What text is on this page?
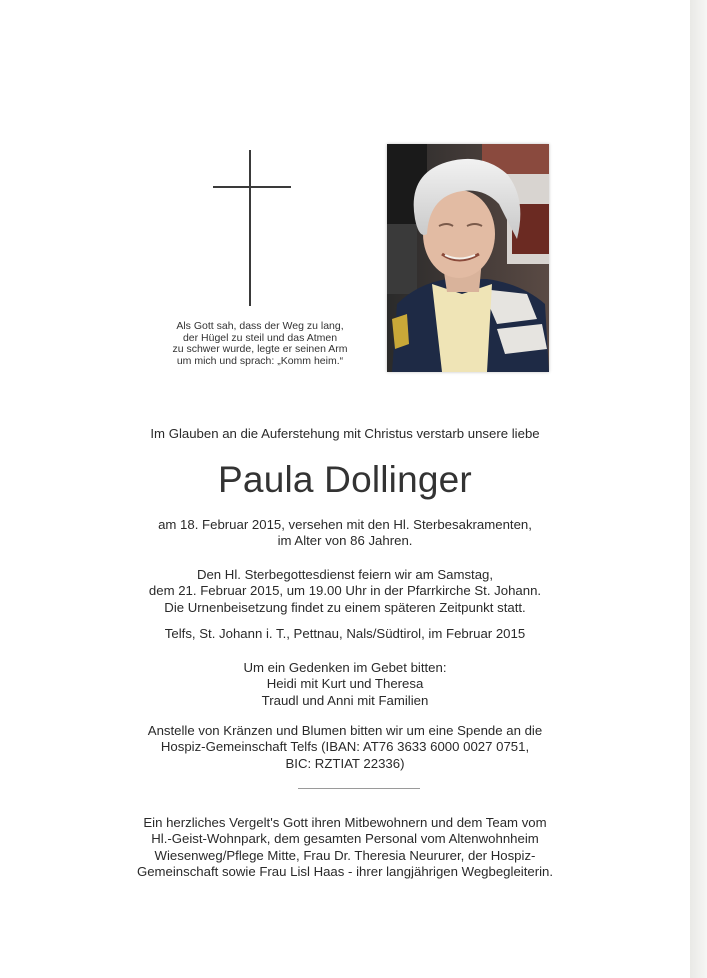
Als Gott sah, dass der Weg zu lang,
der Hügel zu steil und das Atmen
zu schwer wurde, legte er seinen Arm
um mich und sprach: „Komm heim.“
Im Glauben an die Auferstehung mit Christus verstarb unsere liebe
Paula Dollinger
am 18. Februar 2015, versehen mit den Hl. Sterbesakramenten,
im Alter von 86 Jahren.
Den Hl. Sterbegottesdienst feiern wir am Samstag,
dem 21. Februar 2015, um 19.00 Uhr in der Pfarrkirche St. Johann.
Die Urnenbeisetzung findet zu einem späteren Zeitpunkt statt.
Telfs, St. Johann i. T., Pettnau, Nals/Südtirol, im Februar 2015
Um ein Gedenken im Gebet bitten:
Heidi mit Kurt und Theresa
Traudl und Anni mit Familien
Anstelle von Kränzen und Blumen bitten wir um eine Spende an die
Hospiz-Gemeinschaft Telfs (IBAN: AT76 3633 6000 0027 0751,
BIC: RZTIAT 22336)
Ein herzliches Vergelt's Gott ihren Mitbewohnern und dem Team vom
Hl.-Geist-Wohnpark, dem gesamten Personal vom Altenwohnheim
Wiesenweg/Pflege Mitte, Frau Dr. Theresia Neururer, der Hospiz-
Gemeinschaft sowie Frau Lisl Haas - ihrer langjährigen Wegbegleiterin.
